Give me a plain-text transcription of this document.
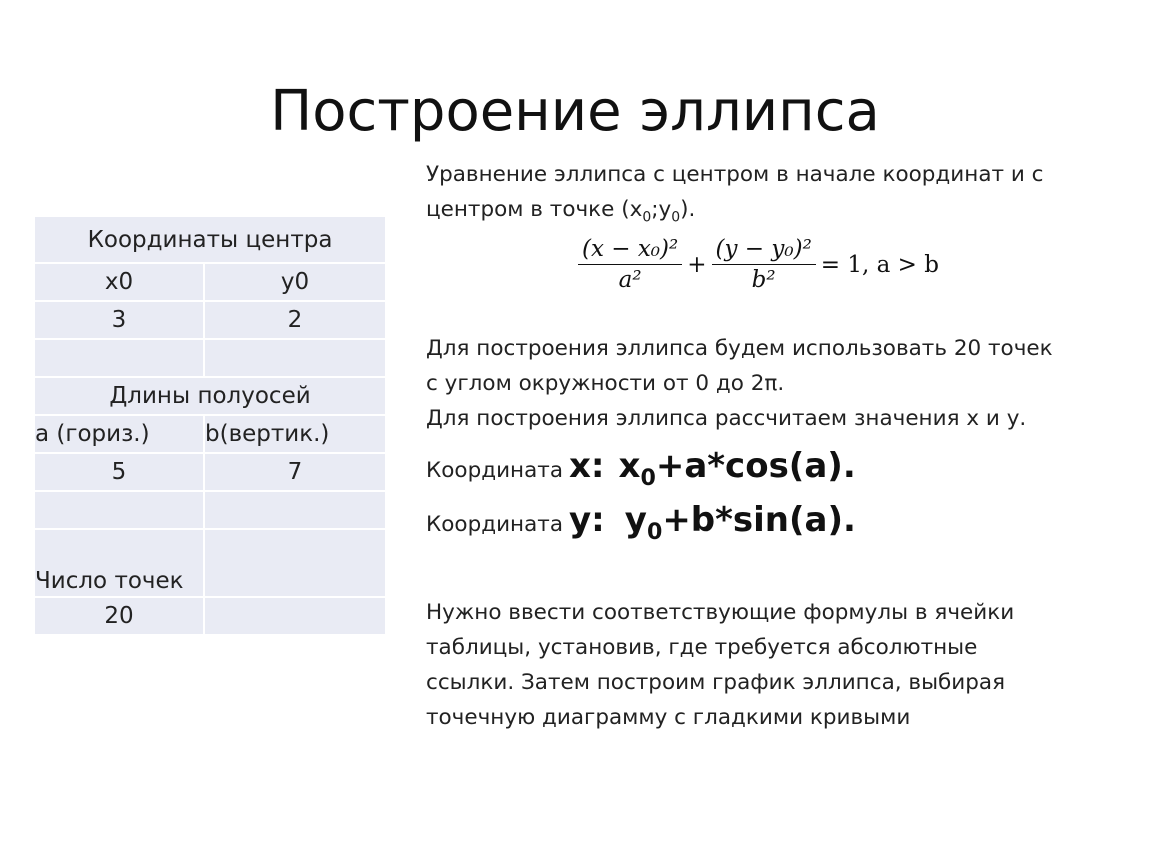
Построение эллипса
Координаты центра	
x0	y0
3	2

Длины полуосей	
a (гориз.)	b(вертик.)
5	7

Число точек	
20	
Уравнение эллипса с центром в начале координат и с
центром в точке $(х_0;у_0)$.
$\frac{\text{(x − x₀)²}}{\text{a²}} + \frac{\text{(y − y₀)²}}{\text{b²}} = 1$, a > b
Для построения эллипса будем использовать 20 точек
с углом окружности от 0 до 2π.
Для построения эллипса рассчитаем значения х и у.
Координата х: $x_0+a*\cos(a)$.
Координата у: $y_0+b*\sin(a)$.
Нужно ввести соответствующие формулы в ячейки
таблицы, установив, где требуется абсолютные
ссылки. Затем построим график эллипса, выбирая
точечную диаграмму с гладкими кривыми
